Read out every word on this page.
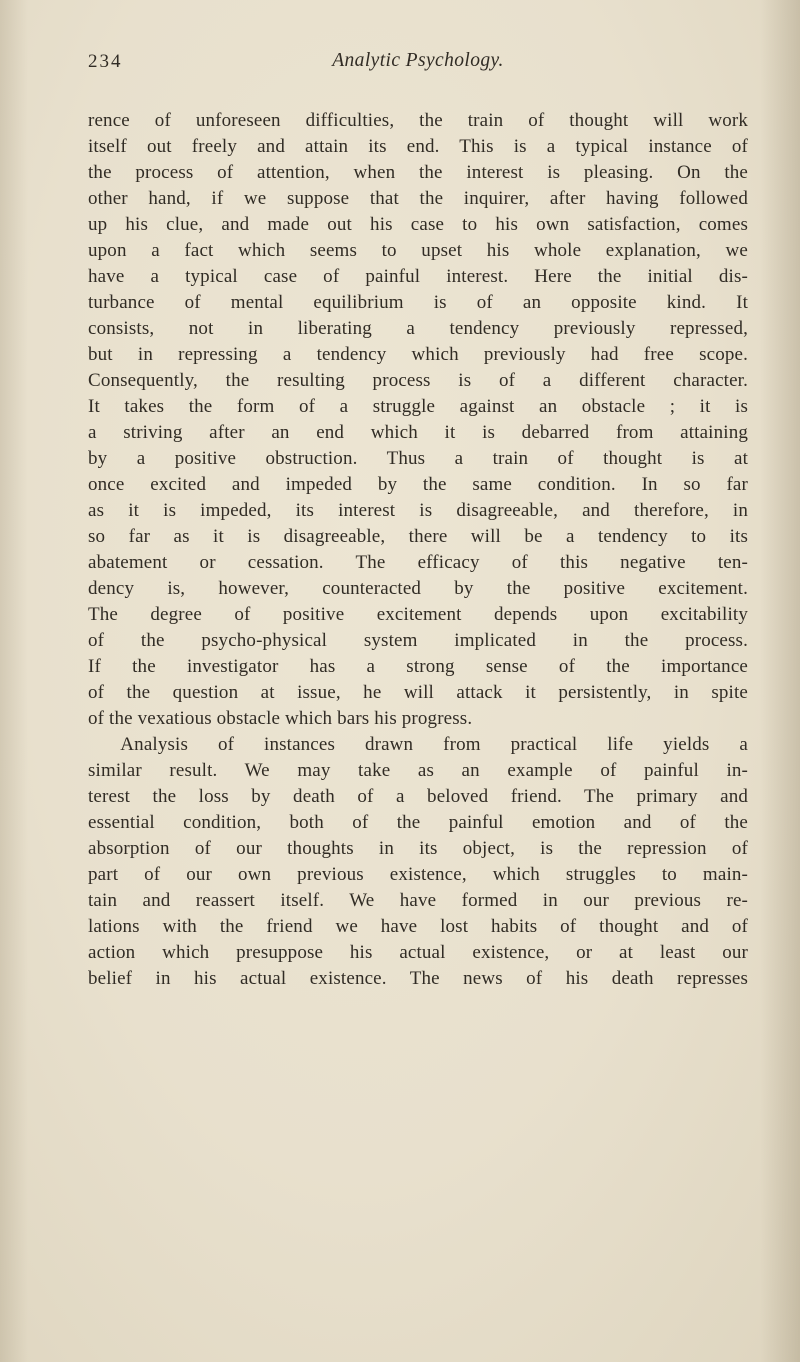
234	Analytic Psychology.
rence of unforeseen difficulties, the train of thought will work
itself out freely and attain its end. This is a typical instance of
the process of attention, when the interest is pleasing. On the
other hand, if we suppose that the inquirer, after having followed
up his clue, and made out his case to his own satisfaction, comes
upon a fact which seems to upset his whole explanation, we
have a typical case of painful interest. Here the initial dis-
turbance of mental equilibrium is of an opposite kind. It
consists, not in liberating a tendency previously repressed,
but in repressing a tendency which previously had free scope.
Consequently, the resulting process is of a different character.
It takes the form of a struggle against an obstacle ; it is
a striving after an end which it is debarred from attaining
by a positive obstruction. Thus a train of thought is at
once excited and impeded by the same condition. In so far
as it is impeded, its interest is disagreeable, and therefore, in
so far as it is disagreeable, there will be a tendency to its
abatement or cessation. The efficacy of this negative ten-
dency is, however, counteracted by the positive excitement.
The degree of positive excitement depends upon excitability
of the psycho-physical system implicated in the process.
If the investigator has a strong sense of the importance
of the question at issue, he will attack it persistently, in spite
of the vexatious obstacle which bars his progress.
Analysis of instances drawn from practical life yields a
similar result. We may take as an example of painful in-
terest the loss by death of a beloved friend. The primary and
essential condition, both of the painful emotion and of the
absorption of our thoughts in its object, is the repression of
part of our own previous existence, which struggles to main-
tain and reassert itself. We have formed in our previous re-
lations with the friend we have lost habits of thought and of
action which presuppose his actual existence, or at least our
belief in his actual existence. The news of his death represses
